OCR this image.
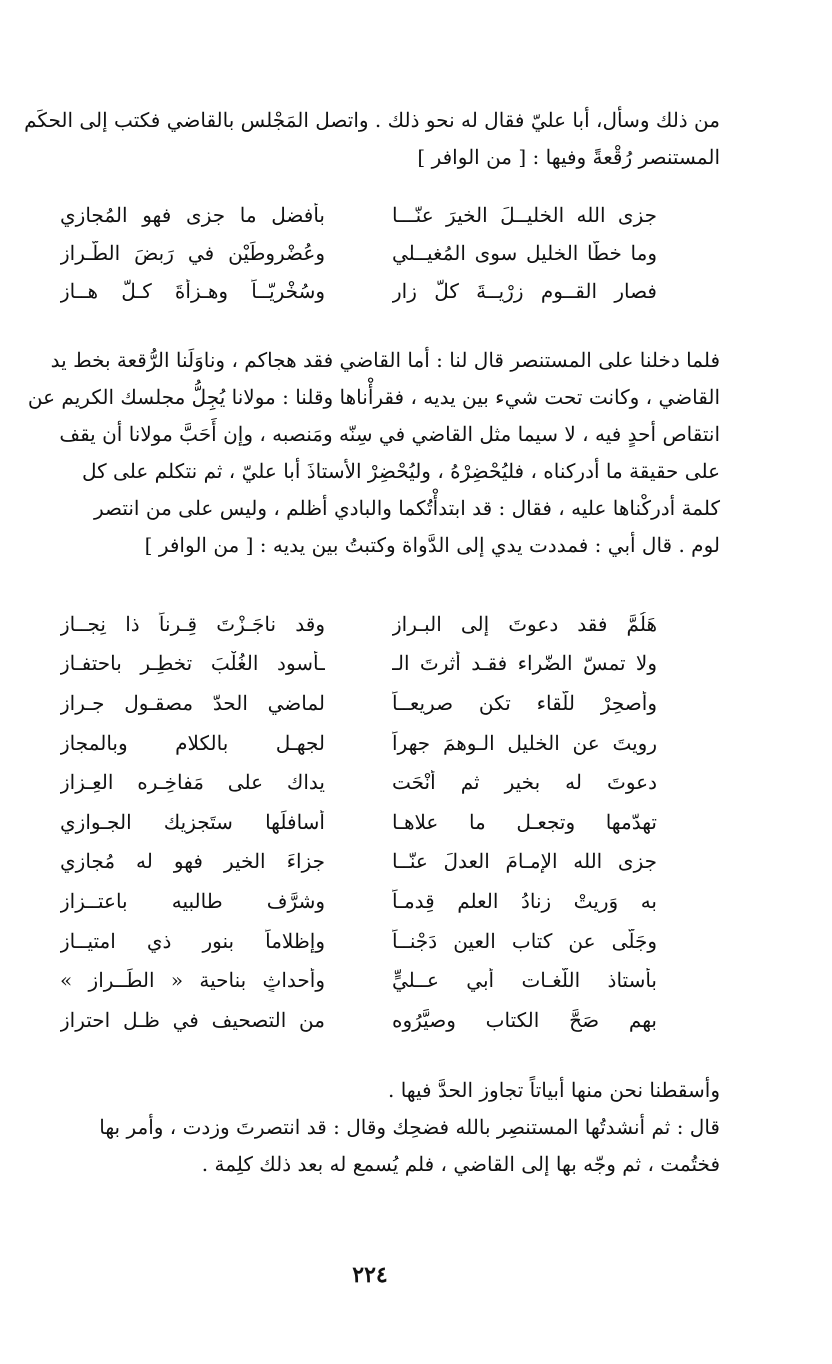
من ذلك وسأل، أبا عليّ فقال له نحو ذلك . واتصل المَجْلس بالقاضي فكتب إلى الحكَم

المستنصر رُقْعةً وفيها : [ من الوافر ]

جزى الله الخليــلَ الخيرَ عنّـــا
بأفضل ما جزى فهو المُجازي
وما خطّا الخليل سوى المُغيــلي
وعُضْروطَيْن في رَبضَ الطّـراز
فصار القــوم زِرْيــةَ كلّ زارٍ
وسُخْريّــاً وهـزأةَ كـلّ هــازِ

فلما دخلنا على المستنصر قال لنا : أما القاضي فقد هجاكم ، وناوَلَنا الرُّقعة بخط يد

القاضي ، وكانت تحت شيء بين يديه ، فقرأْناها وقلنا : مولانا يُجِلُّ مجلسك الكريم عن

انتقاص أحدٍ فيه ، لا سيما مثل القاضي في سِنّه ومَنصبه ، وإن أَحَبَّ مولانا أن يقف

على حقيقة ما أدركناه ، فليُحْضِرْهُ ، وليُحْضِرْ الأستاذَ أبا عليّ ، ثم نتكلم على كل

كلمة أدركْناها عليه ، فقال : قد ابتدأْتُكما والبادي أظلم ، وليس على من انتصر

لوم . قال أبي : فمددت يدي إلى الدَّواة وكتبتُ بين يديه : [ من الوافر ]

هَلُمَّ فقد دعوتَ إلى البـراز
وقد ناجَـزْتَ قِـرناً ذا نِجــاز
ولا تمسّ الضّراء فقـد أثرتَ الـ
ـأسود الغُلْبَ تخطِـر باحتفـاز
وأصحِرْ للّقاء تكن صريعــاً
لماضي الحدّ مصقـول جـراز
رويتَ عن الخليل الـوهمَ جهراً
لجهـلِ بالكلام وبالمجاز
دعوتَ له بخير ثم أنْحَت
يداك على مَفاخِـره العِـزاز
تهدّمها وتجعـل ما علاهـا
أسافلَها ستَجزيك الجـوازي
جزى الله الإمـامَ العدلَ عنّــا
جزاءَ الخير فهو له مُجازي
به وَرِيتْ زنادُ العلم قِدمـاً
وشرَّف طالبيه باعتــزاز
وجَلّى عن كتاب العين دَجْنــاً
وإظلاماً بنور ذي امتيــاز
بأستاذ اللُّغـات أبي عــليٍّ
وأحداثٍ بناحية « الطِّــراز »
بهم صَحَّ الكتاب وصيَّرُوه
من التصحيف في ظـل احتراز

وأسقطنا نحن منها أبياتاً تجاوز الحدَّ فيها .

قال : ثم أنشدتُها المستنصِر بالله فضحِك وقال : قد انتصرتَ وزدت ، وأمر بها

فختُمت ، ثم وجّه بها إلى القاضي ، فلم يُسمع له بعد ذلك كلِمة .

٢٢٤
